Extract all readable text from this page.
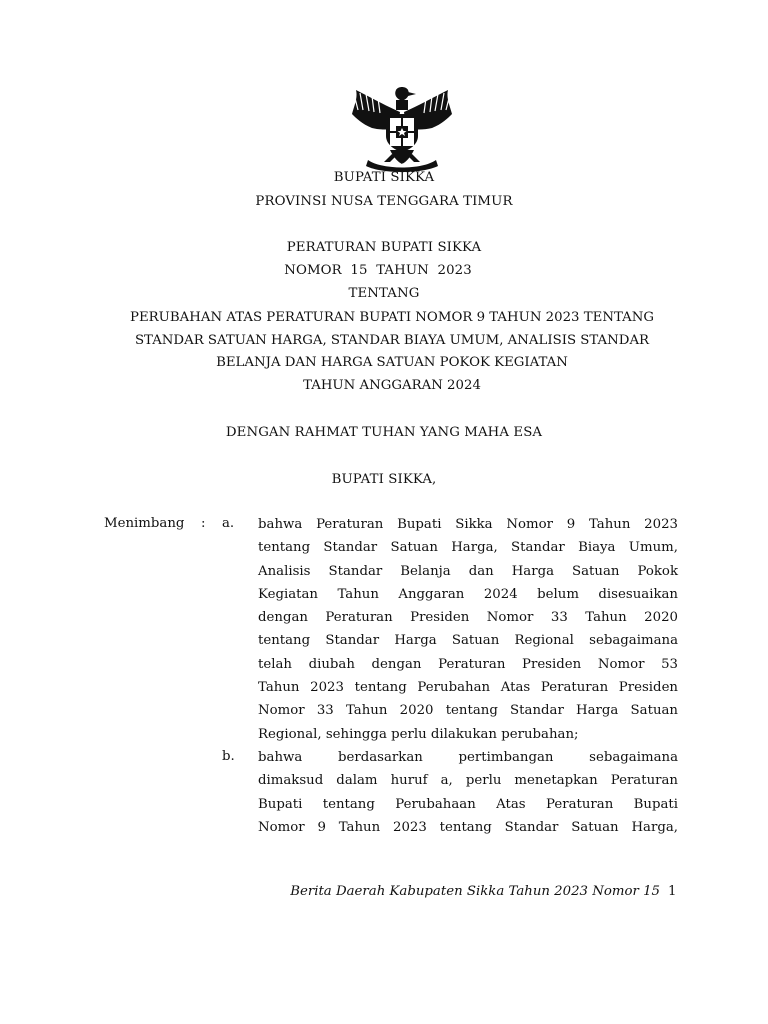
BUPATI SIKKA
PROVINSI NUSA TENGGARA TIMUR
PERATURAN BUPATI SIKKA
NOMOR  15  TAHUN  2023
TENTANG
PERUBAHAN ATAS PERATURAN BUPATI NOMOR 9 TAHUN 2023 TENTANG
STANDAR SATUAN HARGA, STANDAR BIAYA UMUM, ANALISIS STANDAR
BELANJA DAN HARGA SATUAN POKOK KEGIATAN
TAHUN ANGGARAN 2024
DENGAN RAHMAT TUHAN YANG MAHA ESA
BUPATI SIKKA,
Menimbang : a. bahwa Peraturan Bupati Sikka Nomor 9 Tahun 2023
tentang Standar Satuan Harga, Standar Biaya Umum,
Analisis Standar Belanja dan Harga Satuan Pokok
Kegiatan Tahun Anggaran 2024 belum disesuaikan
dengan Peraturan Presiden Nomor 33 Tahun 2020
tentang Standar Harga Satuan Regional sebagaimana
telah diubah dengan Peraturan Presiden Nomor 53
Tahun 2023 tentang Perubahan Atas Peraturan Presiden
Nomor 33 Tahun 2020 tentang Standar Harga Satuan
Regional, sehingga perlu dilakukan perubahan;
b. bahwa berdasarkan pertimbangan sebagaimana
dimaksud dalam huruf a, perlu menetapkan Peraturan
Bupati tentang Perubahaan Atas Peraturan Bupati
Nomor 9 Tahun 2023 tentang Standar Satuan Harga,
Berita Daerah Kabupaten Sikka Tahun 2023 Nomor 15 1
